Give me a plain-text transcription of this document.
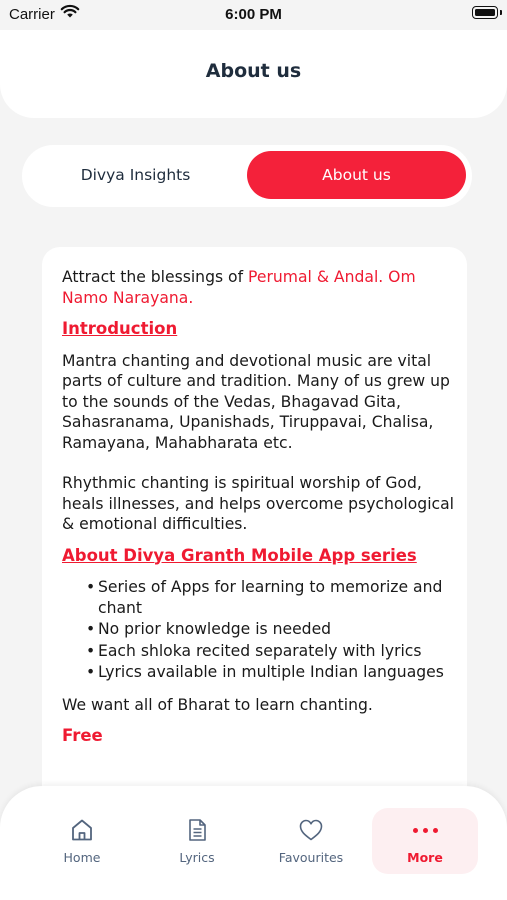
Carrier	6:00 PM
About us
Divya Insights	About us

Attract the blessings of Perumal & Andal. Om Namo Narayana.

Introduction

Mantra chanting and devotional music are vital parts of culture and tradition. Many of us grew up to the sounds of the Vedas, Bhagavad Gita, Sahasranama, Upanishads, Tiruppavai, Chalisa, Ramayana, Mahabharata etc.

Rhythmic chanting is spiritual worship of God, heals illnesses, and helps overcome psychological & emotional difficulties.

About Divya Granth Mobile App series

• Series of Apps for learning to memorize and chant
• No prior knowledge is needed
• Each shloka recited separately with lyrics
• Lyrics available in multiple Indian languages

We want all of Bharat to learn chanting.

Free

Home	Lyrics	Favourites	More
